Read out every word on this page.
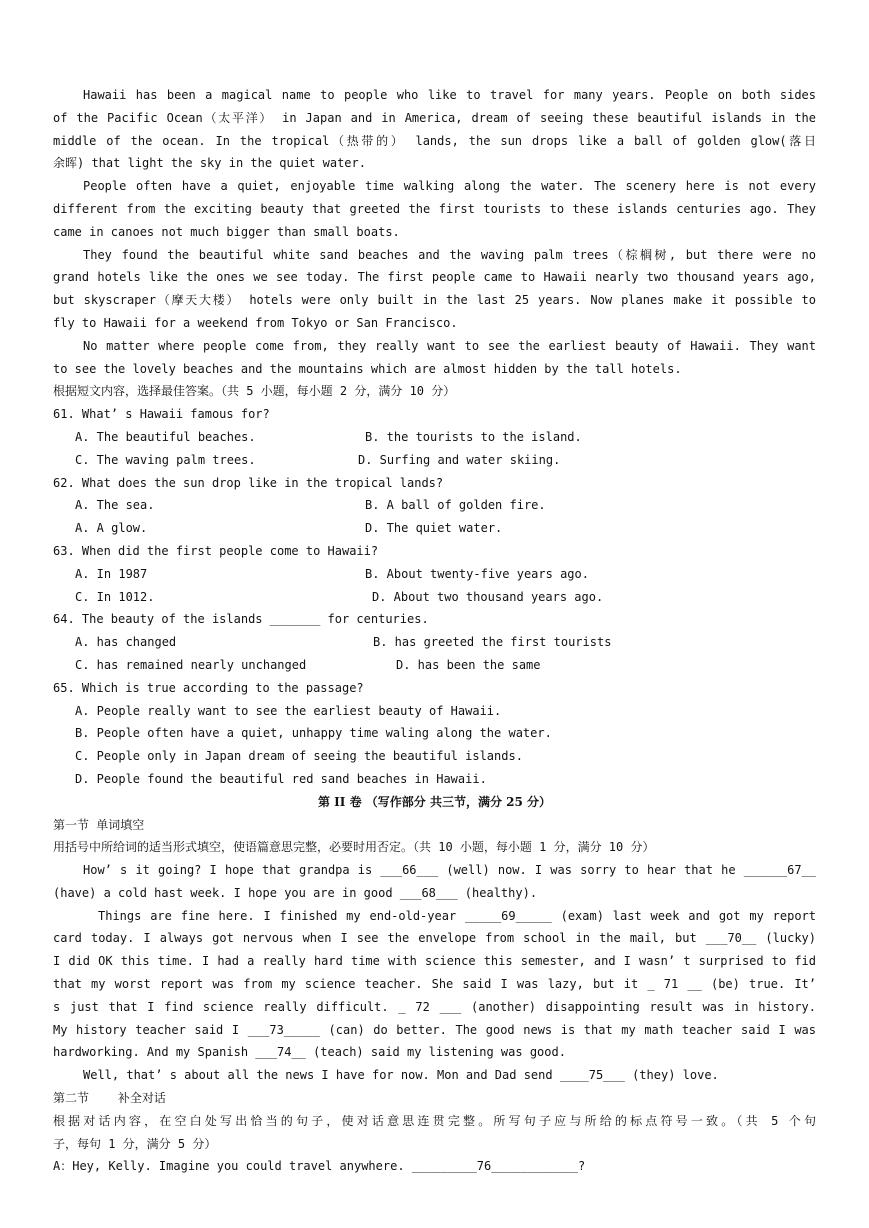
Hawaii has been a magical name to people who like to travel for many years. People on both sides
of the Pacific Ocean（太平洋） in Japan and in America, dream of seeing these beautiful islands in the
middle of the ocean. In the tropical（热带的） lands, the sun drops like a ball of golden glow(落日
余晖) that light the sky in the quiet water.
People often have a quiet, enjoyable time walking along the water. The scenery here is not every
different from the exciting beauty that greeted the first tourists to these islands centuries ago. They
came in canoes not much bigger than small boats.
They found the beautiful white sand beaches and the waving palm trees（棕榈树, but there were no
grand hotels like the ones we see today. The first people came to Hawaii nearly two thousand years ago,
but skyscraper（摩天大楼） hotels were only built in the last 25 years. Now planes make it possible to
fly to Hawaii for a weekend from Tokyo or San Francisco.
No matter where people come from, they really want to see the earliest beauty of Hawaii. They want
to see the lovely beaches and the mountains which are almost hidden by the tall hotels.
根据短文内容，选择最佳答案。（共 5 小题，每小题 2 分，满分 10 分）
61. What’ s Hawaii famous for?
A. The beautiful beaches.	B. the tourists to the island.
C. The waving palm trees.	D. Surfing and water skiing.
62. What does the sun drop like in the tropical lands?
A. The sea.	B. A ball of golden fire.
A. A glow.	D. The quiet water.
63. When did the first people come to Hawaii?
A. In 1987	B. About twenty-five years ago.
C. In 1012.	D. About two thousand years ago.
64. The beauty of the islands _______ for centuries.
A. has changed	B. has greeted the first tourists
C. has remained nearly unchanged	D. has been the same
65. Which is true according to the passage?
A. People really want to see the earliest beauty of Hawaii.
B. People often have a quiet, unhappy time waling along the water.
C. People only in Japan dream of seeing the beautiful islands.
D. People found the beautiful red sand beaches in Hawaii.
第 II 卷 （写作部分 共三节，满分 25 分）
第一节 单词填空
用括号中所给词的适当形式填空，使语篇意思完整，必要时用否定。（共 10 小题，每小题 1 分，满分 10 分）
How’ s it going? I hope that grandpa is ___66___ (well) now. I was sorry to hear that he ______67__
(have) a cold hast week. I hope you are in good ___68___ (healthy).
Things are fine here. I finished my end-old-year _____69_____ (exam) last week and got my report
card today. I always got nervous when I see the envelope from school in the mail, but ___70__ (lucky)
I did OK this time. I had a really hard time with science this semester, and I wasn’ t surprised to fid
that my worst report was from my science teacher. She said I was lazy, but it _ 71 __ (be) true. It’
s just that I find science really difficult. _ 72 ___ (another) disappointing result was in history.
My history teacher said I ___73_____ (can) do better. The good news is that my math teacher said I was
hardworking. And my Spanish ___74__ (teach) said my listening was good.
Well, that’ s about all the news I have for now. Mon and Dad send ____75___ (they) love.
第二节    补全对话
根据对话内容，在空白处写出恰当的句子，使对话意思连贯完整。所写句子应与所给的标点符号一致。（共 5 个句
子，每句 1 分，满分 5 分）
A：Hey, Kelly. Imagine you could travel anywhere. _________76____________?
